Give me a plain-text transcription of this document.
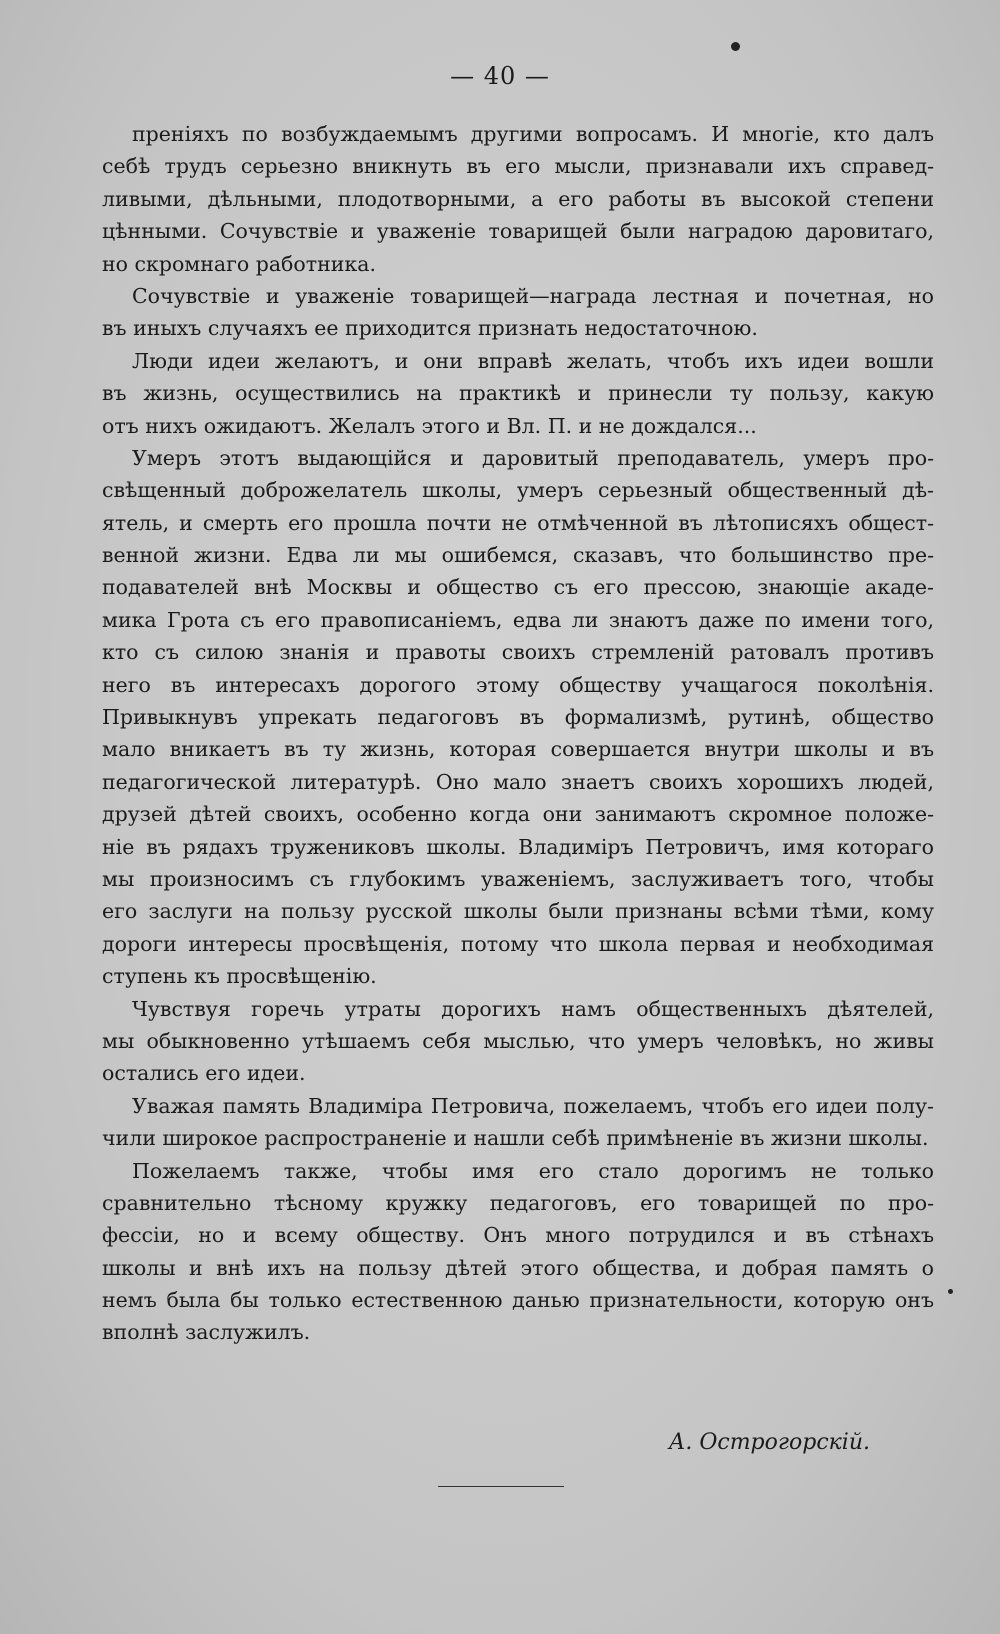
— 40 —
преніяхъ по возбуждаемымъ другими вопросамъ. И многіе, кто далъ
себѣ трудъ серьезно вникнуть въ его мысли, признавали ихъ справед-
ливыми, дѣльными, плодотворными, а его работы въ высокой степени
цѣнными. Сочувствіе и уваженіе товарищей были наградою даровитаго,
но скромнаго работника.
Сочувствіе и уваженіе товарищей—награда лестная и почетная, но
въ иныхъ случаяхъ ее приходится признать недостаточною.
Люди идеи желаютъ, и они вправѣ желать, чтобъ ихъ идеи вошли
въ жизнь, осуществились на практикѣ и принесли ту пользу, какую
отъ нихъ ожидаютъ. Желалъ этого и Вл. П. и не дождался...
Умеръ этотъ выдающійся и даровитый преподаватель, умеръ про-
свѣщенный доброжелатель школы, умеръ серьезный общественный дѣ-
ятель, и смерть его прошла почти не отмѣченной въ лѣтописяхъ общест-
венной жизни. Едва ли мы ошибемся, сказавъ, что большинство пре-
подавателей внѣ Москвы и общество съ его прессою, знающіе акаде-
мика Грота съ его правописаніемъ, едва ли знаютъ даже по имени того,
кто съ силою знанія и правоты своихъ стремленій ратовалъ противъ
него въ интересахъ дорогого этому обществу учащагося поколѣнія.
Привыкнувъ упрекать педагоговъ въ формализмѣ, рутинѣ, общество
мало вникаетъ въ ту жизнь, которая совершается внутри школы и въ
педагогической литературѣ. Оно мало знаетъ своихъ хорошихъ людей,
друзей дѣтей своихъ, особенно когда они занимаютъ скромное положе-
ніе въ рядахъ тружениковъ школы. Владиміръ Петровичъ, имя котораго
мы произносимъ съ глубокимъ уваженіемъ, заслуживаетъ того, чтобы
его заслуги на пользу русской школы были признаны всѣми тѣми, кому
дороги интересы просвѣщенія, потому что школа первая и необходимая
ступень къ просвѣщенію.
Чувствуя горечь утраты дорогихъ намъ общественныхъ дѣятелей,
мы обыкновенно утѣшаемъ себя мыслью, что умеръ человѣкъ, но живы
остались его идеи.
Уважая память Владиміра Петровича, пожелаемъ, чтобъ его идеи полу-
чили широкое распространеніе и нашли себѣ примѣненіе въ жизни школы.
Пожелаемъ также, чтобы имя его стало дорогимъ не только
сравнительно тѣсному кружку педагоговъ, его товарищей по про-
фессіи, но и всему обществу. Онъ много потрудился и въ стѣнахъ
школы и внѣ ихъ на пользу дѣтей этого общества, и добрая память о
немъ была бы только естественною данью признательности, которую онъ
вполнѣ заслужилъ.
А. Острогорскій.
